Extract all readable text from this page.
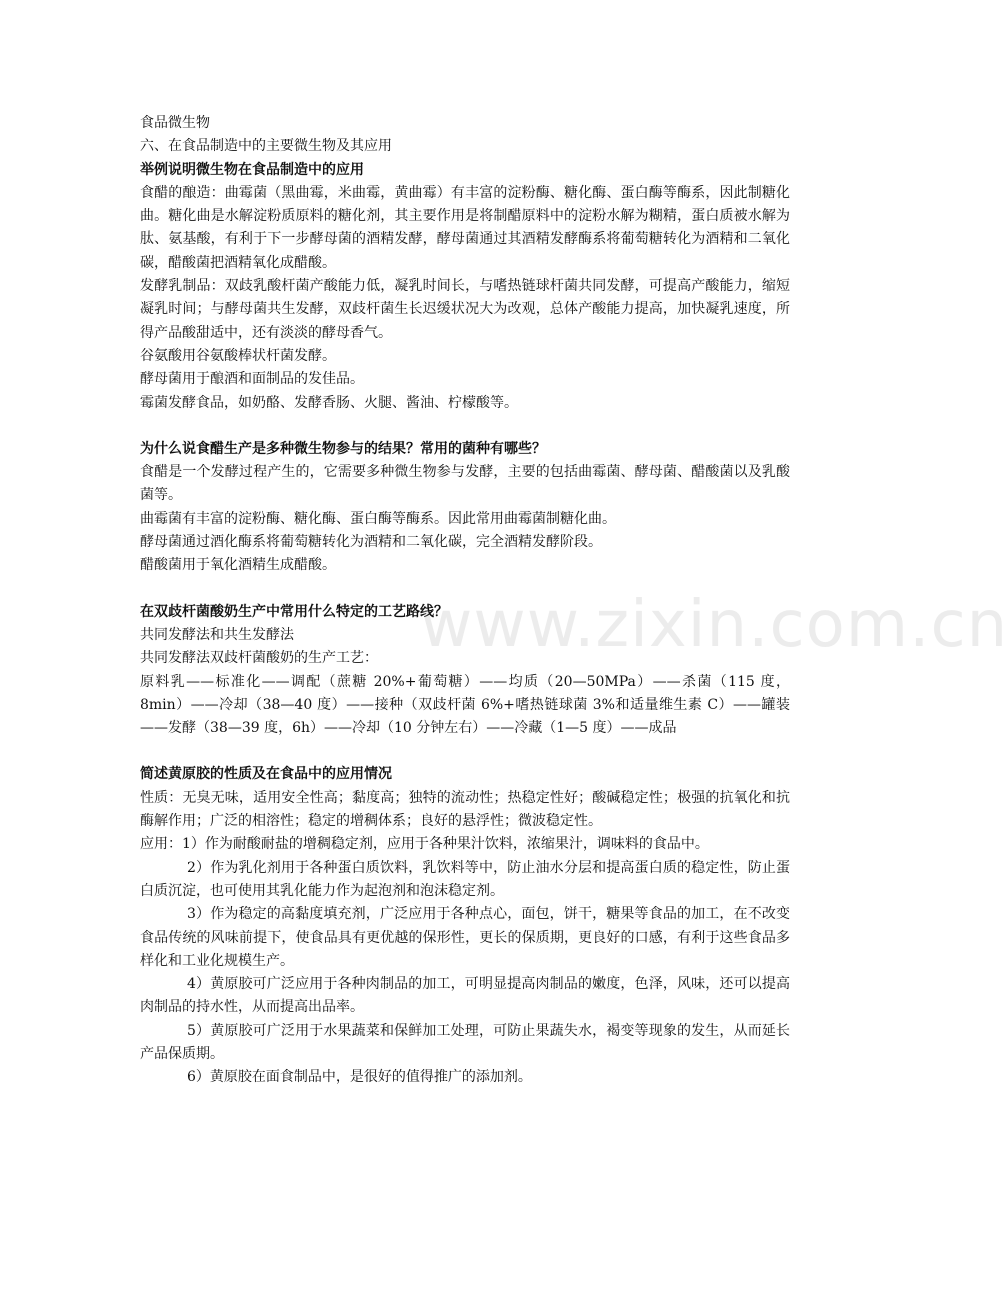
食品微生物

六、在食品制造中的主要微生物及其应用

举例说明微生物在食品制造中的应用

食醋的酿造：曲霉菌（黑曲霉，米曲霉，黄曲霉）有丰富的淀粉酶、糖化酶、蛋白酶等酶系，因此制糖化曲。糖化曲是水解淀粉质原料的糖化剂，其主要作用是将制醋原料中的淀粉水解为糊精，蛋白质被水解为肽、氨基酸，有利于下一步酵母菌的酒精发酵，酵母菌通过其酒精发酵酶系将葡萄糖转化为酒精和二氧化碳，醋酸菌把酒精氧化成醋酸。

发酵乳制品：双歧乳酸杆菌产酸能力低，凝乳时间长，与嗜热链球杆菌共同发酵，可提高产酸能力，缩短凝乳时间；与酵母菌共生发酵，双歧杆菌生长迟缓状况大为改观，总体产酸能力提高，加快凝乳速度，所得产品酸甜适中，还有淡淡的酵母香气。

谷氨酸用谷氨酸棒状杆菌发酵。

酵母菌用于酿酒和面制品的发佳品。

霉菌发酵食品，如奶酪、发酵香肠、火腿、酱油、柠檬酸等。

为什么说食醋生产是多种微生物参与的结果？常用的菌种有哪些？

食醋是一个发酵过程产生的，它需要多种微生物参与发酵，主要的包括曲霉菌、酵母菌、醋酸菌以及乳酸菌等。

曲霉菌有丰富的淀粉酶、糖化酶、蛋白酶等酶系。因此常用曲霉菌制糖化曲。

酵母菌通过酒化酶系将葡萄糖转化为酒精和二氧化碳，完全酒精发酵阶段。

醋酸菌用于氧化酒精生成醋酸。

在双歧杆菌酸奶生产中常用什么特定的工艺路线？

共同发酵法和共生发酵法

共同发酵法双歧杆菌酸奶的生产工艺：

原料乳——标准化——调配（蔗糖 20%+葡萄糖）——均质（20—50MPa）——杀菌（115 度，8min）——冷却（38—40 度）——接种（双歧杆菌 6%+嗜热链球菌 3%和适量维生素 C）——罐装——发酵（38—39 度，6h）——冷却（10 分钟左右）——冷藏（1—5 度）——成品

简述黄原胶的性质及在食品中的应用情况

性质：无臭无味，适用安全性高；黏度高；独特的流动性；热稳定性好；酸碱稳定性；极强的抗氧化和抗酶解作用；广泛的相溶性；稳定的增稠体系；良好的悬浮性；微波稳定性。

应用：1）作为耐酸耐盐的增稠稳定剂，应用于各种果汁饮料，浓缩果汁，调味料的食品中。

2）作为乳化剂用于各种蛋白质饮料，乳饮料等中，防止油水分层和提高蛋白质的稳定性，防止蛋白质沉淀，也可使用其乳化能力作为起泡剂和泡沫稳定剂。

3）作为稳定的高黏度填充剂，广泛应用于各种点心，面包，饼干，糖果等食品的加工，在不改变食品传统的风味前提下，使食品具有更优越的保形性，更长的保质期，更良好的口感，有利于这些食品多样化和工业化规模生产。

4）黄原胶可广泛应用于各种肉制品的加工，可明显提高肉制品的嫩度，色泽，风味，还可以提高肉制品的持水性，从而提高出品率。

5）黄原胶可广泛用于水果蔬菜和保鲜加工处理，可防止果蔬失水，褐变等现象的发生，从而延长产品保质期。

6）黄原胶在面食制品中，是很好的值得推广的添加剂。

www.zixin.com.cn
